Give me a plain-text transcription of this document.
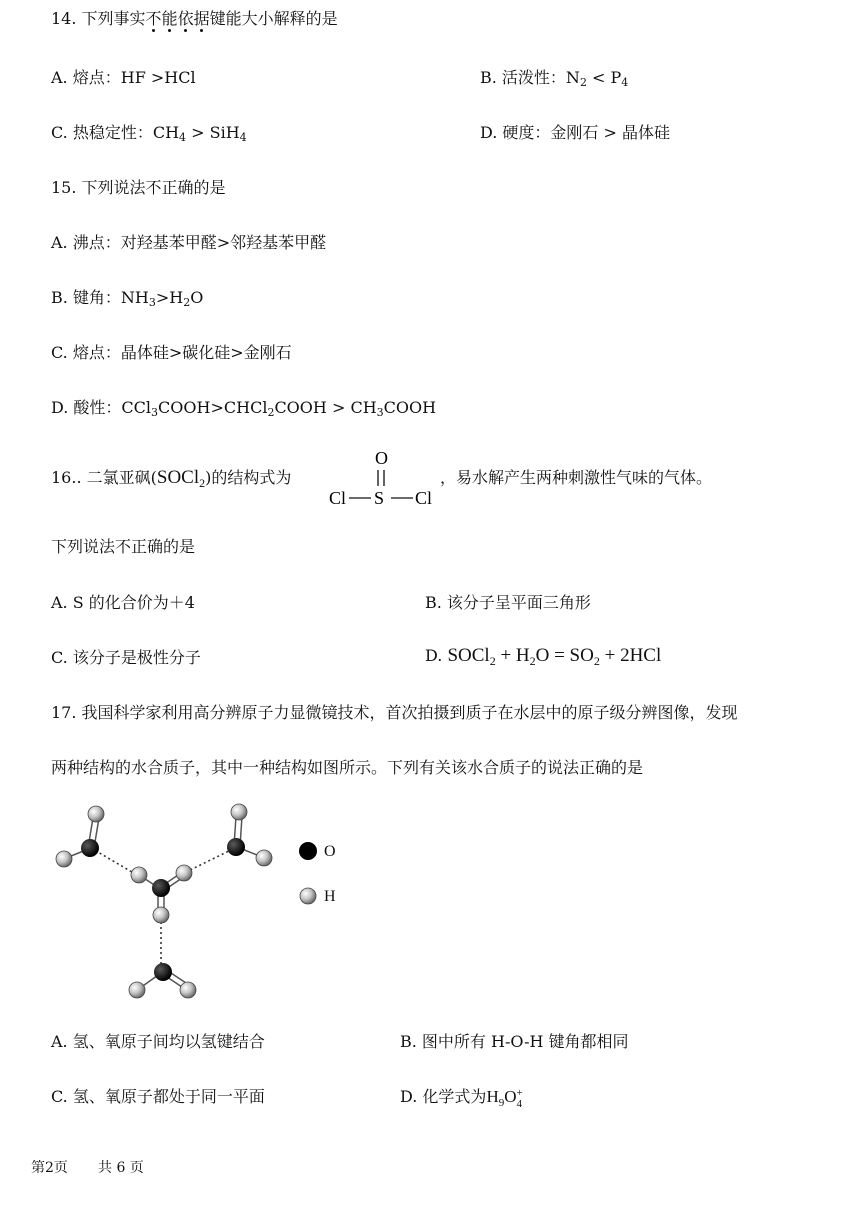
14. 下列事实不
能
依
据
键能大小解释的是
A. 熔点：HF >HCl	B. 活泼性：$N_2 < P_4$
C. 热稳定性：$CH_4 > SiH_4$	D. 硬度：金刚石 > 晶体硅
15. 下列说法不正确的是
A. 沸点：对羟基苯甲醛>邻羟基苯甲醛
B. 键角：$NH_3>H_2O$
C. 熔点：晶体硅>碳化硅>金刚石
D. 酸性：CCl$_3$COOH>CHCl$_2$COOH > $CH_3COOH$
16.. 二氯亚砜(SOCl$_2$)的结构式为
O
Cl S Cl
，易水解产生两种刺激性气味的气体。
下列说法不正确的是
A. S 的化合价为＋4	B. 该分子呈平面三角形
C. 该分子是极性分子	D. SOCl$_2$ + $H_2O = SO_2 + 2HCl$
17. 我国科学家利用高分辨原子力显微镜技术，首次拍摄到质子在水层中的原子级分辨图像，发现
两种结构的水合质子，其中一种结构如图所示。下列有关该水合质子的说法正确的是
O
H
A. 氢、氧原子间均以氢键结合	B. 图中所有 H-O-H 键角都相同
C. 氢、氧原子都处于同一平面	D. 化学式为H9O +
4
第2页 共 6 页
